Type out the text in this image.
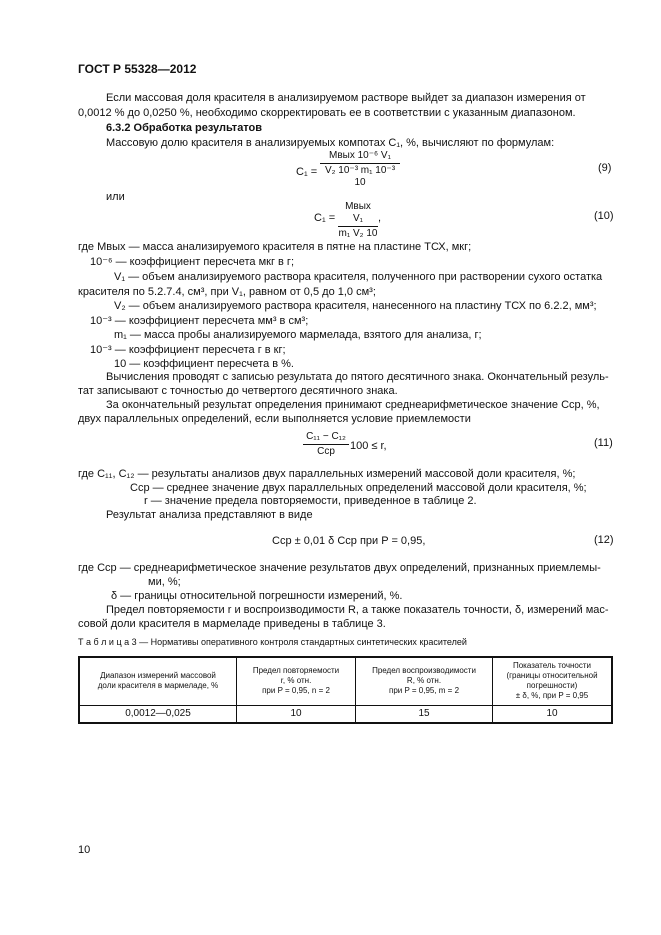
ГОСТ Р 55328—2012
Если массовая доля красителя в анализируемом растворе выйдет за диапазон измерения от
0,0012 % до 0,0250 %, необходимо скорректировать ее в соответствии с указанным диапазоном.
6.3.2 Обработка результатов
Массовую долю красителя в анализируемых компотах C₁, %, вычисляют по формулам:
C₁ =
Mвых 10⁻⁶ V₁
V₂ 10⁻³ m₁ 10⁻³ 10
(9)
или
C₁ =
Mвых V₁
m₁ V₂ 10
,	(10)
где Mвых — масса анализируемого красителя в пятне на пластине ТСХ, мкг;
10⁻⁶ — коэффициент пересчета мкг в г;
V₁ — объем анализируемого раствора красителя, полученного при растворении сухого остатка
красителя по 5.2.7.4, см³, при V₁, равном от 0,5 до 1,0 см³;
V₂ — объем анализируемого раствора красителя, нанесенного на пластину ТСХ по 6.2.2, мм³;
10⁻³ — коэффициент пересчета мм³ в см³;
m₁ — масса пробы анализируемого мармелада, взятого для анализа, г;
10⁻³ — коэффициент пересчета г в кг;
10 — коэффициент пересчета в %.
Вычисления проводят с записью результата до пятого десятичного знака. Окончательный резуль-
тат записывают с точностью до четвертого десятичного знака.
За окончательный результат определения принимают среднеарифметическое значение Cср, %,
двух параллельных определений, если выполняется условие приемлемости
C₁₁ − C₁₂
Cср	100 ≤ r,	(11)
где C₁₁, C₁₂ — результаты анализов двух параллельных измерений массовой доли красителя, %;
Cср — среднее значение двух параллельных определений массовой доли красителя, %;
r — значение предела повторяемости, приведенное в таблице 2.
Результат анализа представляют в виде
Cср ± 0,01 δ Cср при P = 0,95,	(12)
где Cср — среднеарифметическое значение результатов двух определений, признанных приемлемы-
ми, %;
δ — границы относительной погрешности измерений, %.
Предел повторяемости r и воспроизводимости R, а также показатель точности, δ, измерений мас-
совой доли красителя в мармеладе приведены в таблице 3.
Т а б л и ц а 3 — Нормативы оперативного контроля стандартных синтетических красителей
Диапазон измерений массовой
доли красителя в мармеладе, %	Предел повторяемости
r, % отн.
при P = 0,95, n = 2	Предел воспроизводимости
R, % отн.
при P = 0,95, m = 2	Показатель точности
(границы относительной
погрешности)
± δ, %, при P = 0,95
0,0012—0,025	10	15	10
10
